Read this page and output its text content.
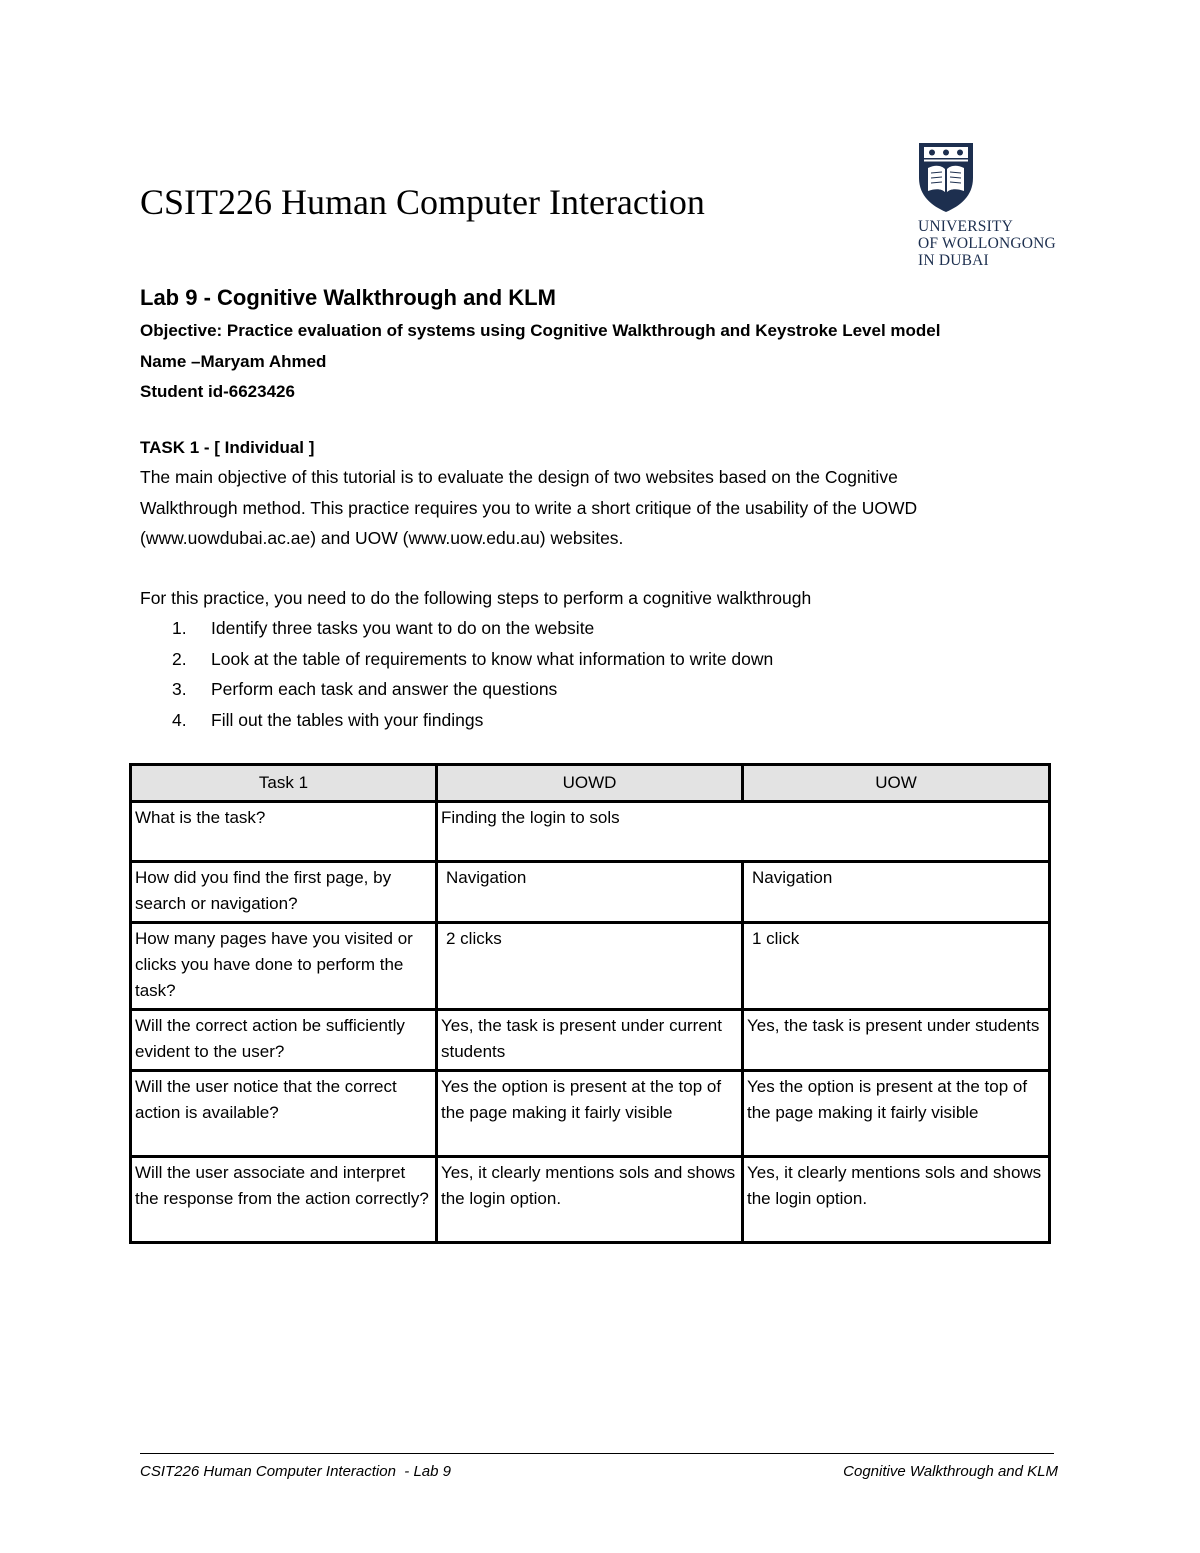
CSIT226 Human Computer Interaction
UNIVERSITY
OF WOLLONGONG
IN DUBAI
Lab 9 - Cognitive Walkthrough and KLM
Objective: Practice evaluation of systems using Cognitive Walkthrough and Keystroke Level model
Name –Maryam Ahmed
Student id-6623426
TASK 1 - [ Individual ]
The main objective of this tutorial is to evaluate the design of two websites based on the Cognitive
Walkthrough method. This practice requires you to write a short critique of the usability of the UOWD
(www.uowdubai.ac.ae) and UOW (www.uow.edu.au) websites.
For this practice, you need to do the following steps to perform a cognitive walkthrough
1.	Identify three tasks you want to do on the website
2.	Look at the table of requirements to know what information to write down
3.	Perform each task and answer the questions
4.	Fill out the tables with your findings
Task 1	UOWD	UOW
What is the task?	Finding the login to sols	
How did you find the first page, by search or navigation?	Navigation	Navigation
How many pages have you visited or clicks you have done to perform the task?	2 clicks	1 click
Will the correct action be sufficiently evident to the user?	Yes, the task is present under current students	Yes, the task is present under students
Will the user notice that the correct action is available?	Yes the option is present at the top of the page making it fairly visible	Yes the option is present at the top of the page making it fairly visible
Will the user associate and interpret the response from the action correctly?	Yes, it clearly mentions sols and shows the login option.	Yes, it clearly mentions sols and shows the login option.
CSIT226 Human Computer Interaction  - Lab 9	Cognitive Walkthrough and KLM
